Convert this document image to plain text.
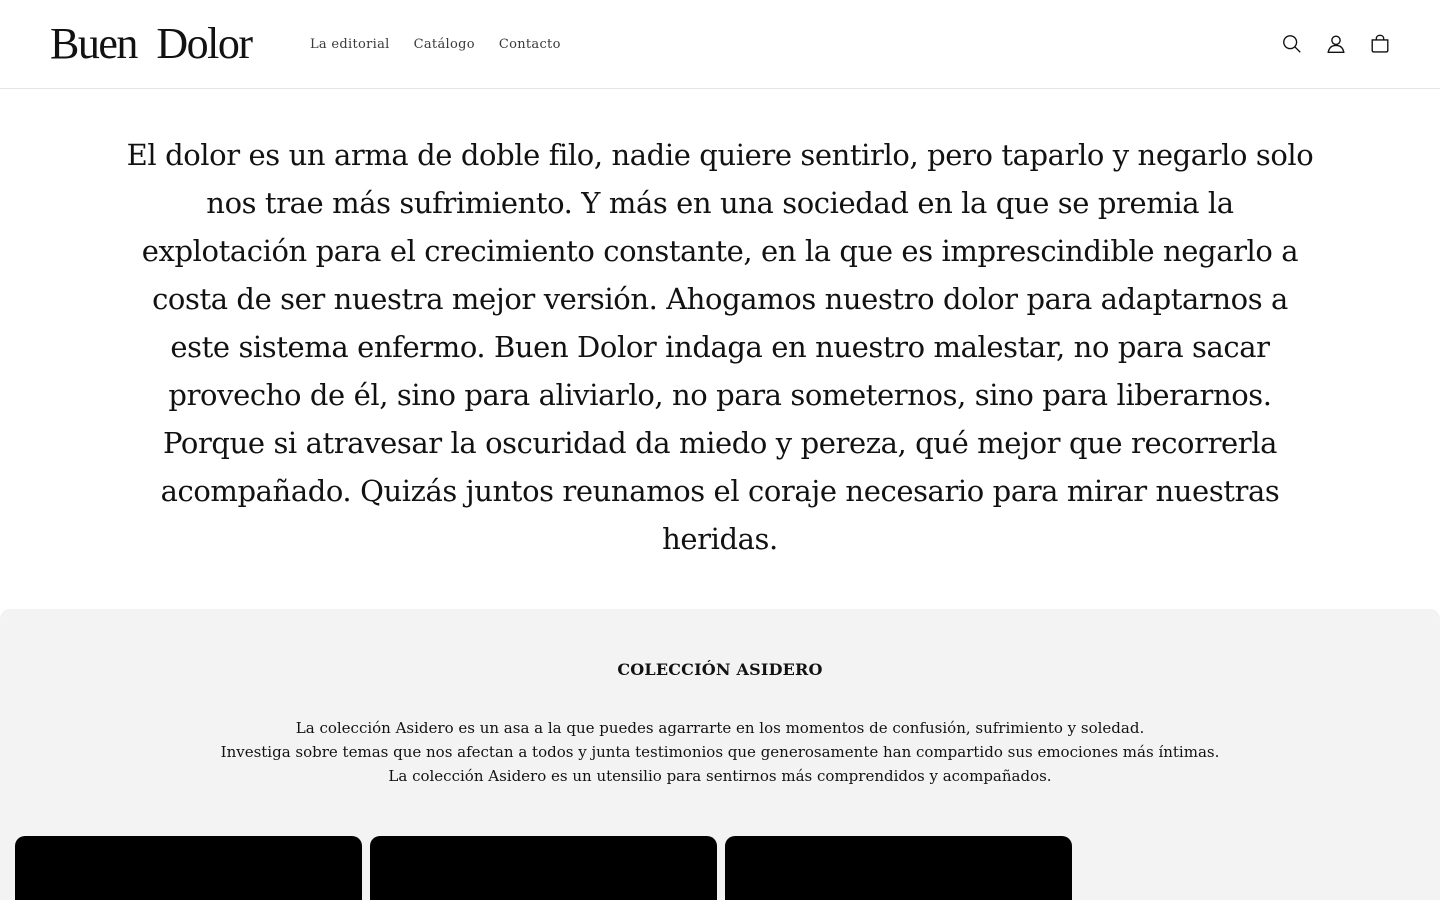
Buen Dolor	La editorial Catálogo Contacto

El dolor es un arma de doble filo, nadie quiere sentirlo, pero taparlo y negarlo solo nos trae más sufrimiento. Y más en una sociedad en la que se premia la explotación para el crecimiento constante, en la que es imprescindible negarlo a costa de ser nuestra mejor versión. Ahogamos nuestro dolor para adaptarnos a este sistema enfermo. Buen Dolor indaga en nuestro malestar, no para sacar provecho de él, sino para aliviarlo, no para someternos, sino para liberarnos. Porque si atravesar la oscuridad da miedo y pereza, qué mejor que recorrerla acompañado. Quizás juntos reunamos el coraje necesario para mirar nuestras heridas.

COLECCIÓN ASIDERO
La colección Asidero es un asa a la que puedes agarrarte en los momentos de confusión, sufrimiento y soledad.
Investiga sobre temas que nos afectan a todos y junta testimonios que generosamente han compartido sus emociones más íntimas.
La colección Asidero es un utensilio para sentirnos más comprendidos y acompañados.
